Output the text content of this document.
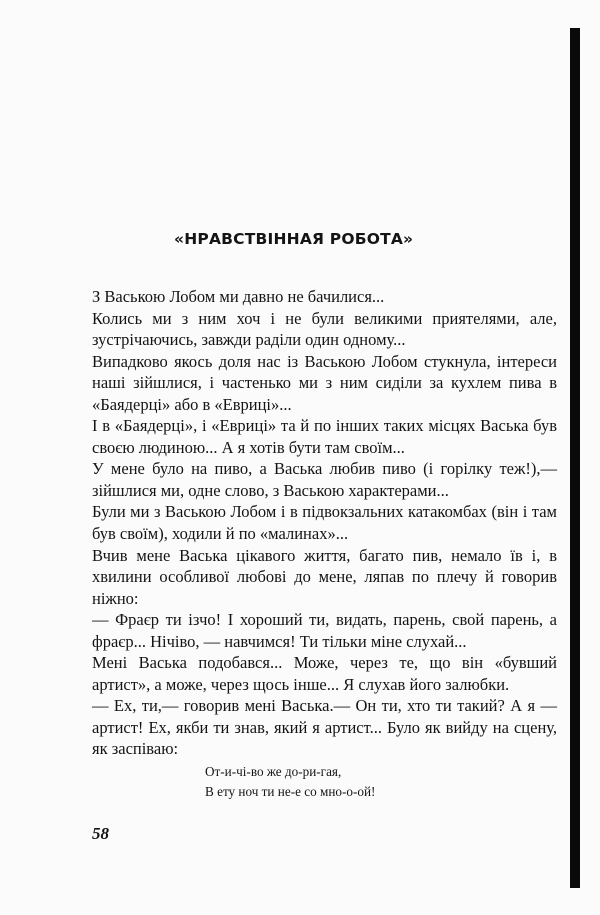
«НРАВСТВІННАЯ РОБОТА»

З Ваською Лобом ми давно не бачилися...

Колись ми з ним хоч і не були великими приятелями, але, зустрічаючись, завжди раділи один одному...

Випадково якось доля нас із Ваською Лобом стукнула, інтереси наші зійшлися, і частенько ми з ним сиділи за кухлем пива в «Баядерці» або в «Евриці»...

І в «Баядерці», і «Евриці» та й по інших таких місцях Васька був своєю людиною... А я хотів бути там своїм...

У мене було на пиво, а Васька любив пиво (і горілку теж!),— зійшлися ми, одне слово, з Ваською характерами...

Були ми з Ваською Лобом і в підвокзальних катакомбах (він і там був своїм), ходили й по «малинах»...

Вчив мене Васька цікавого життя, багато пив, немало їв і, в хвилини особливої любові до мене, ляпав по плечу й говорив ніжно:

— Фраєр ти ізчо! І хороший ти, видать, парень, свой парень, а фраєр... Нічіво, — навчимся! Ти тільки міне слухай...

Мені Васька подобався... Може, через те, що він «бувший артист», а може, через щось інше... Я слухав його залюбки.

— Ех, ти,— говорив мені Васька.— Он ти, хто ти такий? А я — артист! Ех, якби ти знав, який я артист... Було як вийду на сцену, як заспіваю:

От-и-чі-во же до-ри-гая,
В ету ноч ти не-е со мно-о-ой!
58
